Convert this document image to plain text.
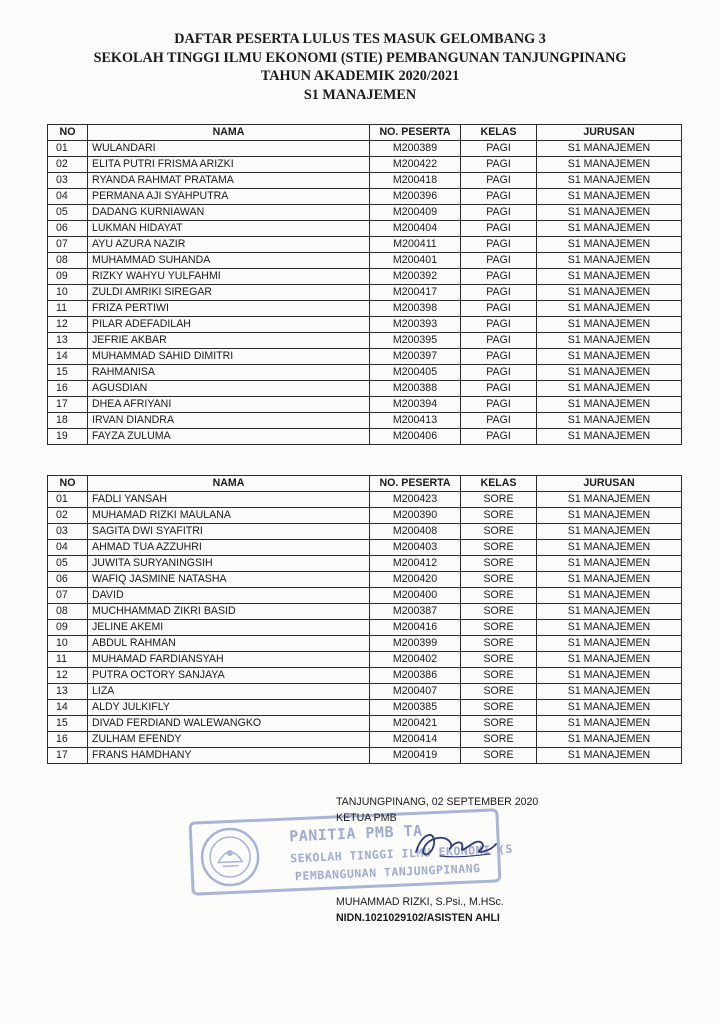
DAFTAR PESERTA LULUS TES MASUK GELOMBANG 3
SEKOLAH TINGGI ILMU EKONOMI (STIE) PEMBANGUNAN TANJUNGPINANG
TAHUN AKADEMIK 2020/2021
S1 MANAJEMEN
NO	NAMA	NO. PESERTA	KELAS	JURUSAN
01	WULANDARI	M200389	PAGI	S1 MANAJEMEN
02	ELITA PUTRI FRISMA ARIZKI	M200422	PAGI	S1 MANAJEMEN
03	RYANDA RAHMAT PRATAMA	M200418	PAGI	S1 MANAJEMEN
04	PERMANA AJI SYAHPUTRA	M200396	PAGI	S1 MANAJEMEN
05	DADANG KURNIAWAN	M200409	PAGI	S1 MANAJEMEN
06	LUKMAN HIDAYAT	M200404	PAGI	S1 MANAJEMEN
07	AYU AZURA NAZIR	M200411	PAGI	S1 MANAJEMEN
08	MUHAMMAD SUHANDA	M200401	PAGI	S1 MANAJEMEN
09	RIZKY WAHYU YULFAHMI	M200392	PAGI	S1 MANAJEMEN
10	ZULDI AMRIKI SIREGAR	M200417	PAGI	S1 MANAJEMEN
11	FRIZA PERTIWI	M200398	PAGI	S1 MANAJEMEN
12	PILAR ADEFADILAH	M200393	PAGI	S1 MANAJEMEN
13	JEFRIE AKBAR	M200395	PAGI	S1 MANAJEMEN
14	MUHAMMAD SAHID DIMITRI	M200397	PAGI	S1 MANAJEMEN
15	RAHMANISA	M200405	PAGI	S1 MANAJEMEN
16	AGUSDIAN	M200388	PAGI	S1 MANAJEMEN
17	DHEA AFRIYANI	M200394	PAGI	S1 MANAJEMEN
18	IRVAN DIANDRA	M200413	PAGI	S1 MANAJEMEN
19	FAYZA ZULUMA	M200406	PAGI	S1 MANAJEMEN
NO	NAMA	NO. PESERTA	KELAS	JURUSAN
01	FADLI YANSAH	M200423	SORE	S1 MANAJEMEN
02	MUHAMAD RIZKI MAULANA	M200390	SORE	S1 MANAJEMEN
03	SAGITA DWI SYAFITRI	M200408	SORE	S1 MANAJEMEN
04	AHMAD TUA AZZUHRI	M200403	SORE	S1 MANAJEMEN
05	JUWITA SURYANINGSIH	M200412	SORE	S1 MANAJEMEN
06	WAFIQ JASMINE NATASHA	M200420	SORE	S1 MANAJEMEN
07	DAVID	M200400	SORE	S1 MANAJEMEN
08	MUCHHAMMAD ZIKRI BASID	M200387	SORE	S1 MANAJEMEN
09	JELINE AKEMI	M200416	SORE	S1 MANAJEMEN
10	ABDUL RAHMAN	M200399	SORE	S1 MANAJEMEN
11	MUHAMAD FARDIANSYAH	M200402	SORE	S1 MANAJEMEN
12	PUTRA OCTORY SANJAYA	M200386	SORE	S1 MANAJEMEN
13	LIZA	M200407	SORE	S1 MANAJEMEN
14	ALDY JULKIFLY	M200385	SORE	S1 MANAJEMEN
15	DIVAD FERDIAND WALEWANGKO	M200421	SORE	S1 MANAJEMEN
16	ZULHAM EFENDY	M200414	SORE	S1 MANAJEMEN
17	FRANS HAMDHANY	M200419	SORE	S1 MANAJEMEN
PANITIA PMB TA
SEKOLAH TINGGI ILMU EKONOMI (S
PEMBANGUNAN TANJUNGPINANG
TANJUNGPINANG, 02 SEPTEMBER 2020
KETUA PMB
MUHAMMAD RIZKI, S.Psi., M.HSc.
NIDN.1021029102/ASISTEN AHLI
